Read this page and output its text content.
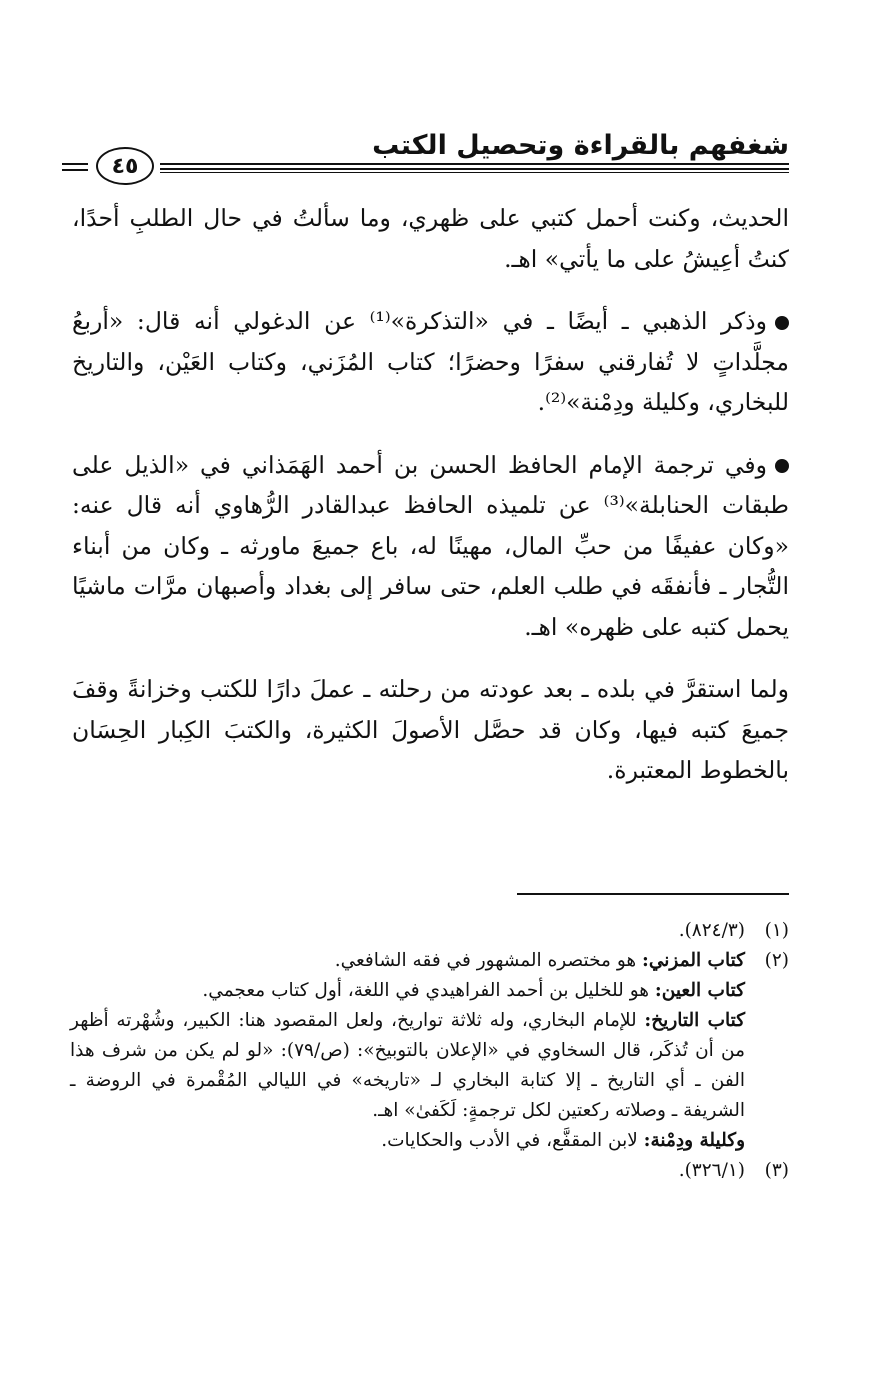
شغفهم بالقراءة وتحصيل الكتب
٤٥

الحديث، وكنت أحمل كتبي على ظهري، وما سألتُ في حال الطلبِ أحدًا، كنتُ أعِيشُ على ما يأتي» اهـ.

وذكر الذهبي ـ أيضًا ـ في «التذكرة»⁽¹⁾ عن الدغولي أنه قال: «أربعُ مجلَّداتٍ لا تُفارقني سفرًا وحضرًا؛ كتاب المُزَني، وكتاب العَيْن، والتاريخ للبخاري، وكليلة ودِمْنة»⁽²⁾.

وفي ترجمة الإمام الحافظ الحسن بن أحمد الهَمَذاني في «الذيل على طبقات الحنابلة»⁽³⁾ عن تلميذه الحافظ عبدالقادر الرُّهاوي أنه قال عنه: «وكان عفيفًا من حبِّ المال، مهينًا له، باع جميعَ ماورثه ـ وكان من أبناء التُّجار ـ فأنفقَه في طلب العلم، حتى سافر إلى بغداد وأصبهان مرَّات ماشيًا يحمل كتبه على ظهره» اهـ.

ولما استقرَّ في بلده ـ بعد عودته من رحلته ـ عملَ دارًا للكتب وخزانةً وقفَ جميعَ كتبه فيها، وكان قد حصَّل الأصولَ الكثيرة، والكتبَ الكِبار الحِسَان بالخطوط المعتبرة.

(١)
(٨٢٤/٣).
(٢)
كتاب المزني: هو مختصره المشهور في فقه الشافعي.
كتاب العين: هو للخليل بن أحمد الفراهيدي في اللغة، أول كتاب معجمي.
كتاب التاريخ: للإمام البخاري، وله ثلاثة تواريخ، ولعل المقصود هنا: الكبير، وشُهْرته أظهر من أن تُذكَر، قال السخاوي في «الإعلان بالتوبيخ»: (ص/٧٩): «لو لم يكن من شرف هذا الفن ـ أي التاريخ ـ إلا كتابة البخاري لـ «تاريخه» في الليالي المُقْمرة في الروضة ـ الشريفة ـ وصلاته ركعتين لكل ترجمةٍ: لَكَفىٰ» اهـ.
وكليلة ودِمْنة: لابن المقفَّع، في الأدب والحكايات.
(٣)
(٣٢٦/١).
